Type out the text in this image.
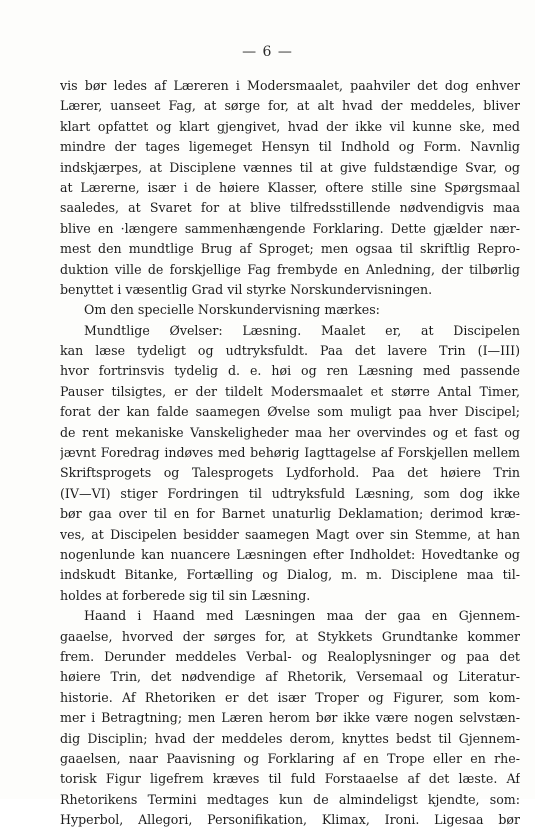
— 6 —
vis bør ledes af Læreren i Modersmaalet, paahviler det dog enhver
Lærer, uanseet Fag, at sørge for, at alt hvad der meddeles, bliver
klart opfattet og klart gjengivet, hvad der ikke vil kunne ske, med
mindre der tages ligemeget Hensyn til Indhold og Form. Navnlig
indskjærpes, at Disciplene vænnes til at give fuldstændige Svar, og
at Lærerne, især i de høiere Klasser, oftere stille sine Spørgsmaal
saaledes, at Svaret for at blive tilfredsstillende nødvendigvis maa
blive en ·længere sammenhængende Forklaring. Dette gjælder nær-
mest den mundtlige Brug af Sproget; men ogsaa til skriftlig Repro-
duktion ville de forskjellige Fag frembyde en Anledning, der tilbørlig
benyttet i væsentlig Grad vil styrke Norskundervisningen.
Om den specielle Norskundervisning mærkes:
Mundtlige Øvelser: Læsning. Maalet er, at Discipelen
kan læse tydeligt og udtryksfuldt. Paa det lavere Trin (I—III)
hvor fortrinsvis tydelig d. e. høi og ren Læsning med passende
Pauser tilsigtes, er der tildelt Modersmaalet et større Antal Timer,
forat der kan falde saamegen Øvelse som muligt paa hver Discipel;
de rent mekaniske Vanskeligheder maa her overvindes og et fast og
jævnt Foredrag indøves med behørig Iagttagelse af Forskjellen mellem
Skriftsprogets og Talesprogets Lydforhold. Paa det høiere Trin
(IV—VI) stiger Fordringen til udtryksfuld Læsning, som dog ikke
bør gaa over til en for Barnet unaturlig Deklamation; derimod kræ-
ves, at Discipelen besidder saamegen Magt over sin Stemme, at han
nogenlunde kan nuancere Læsningen efter Indholdet: Hovedtanke og
indskudt Bitanke, Fortælling og Dialog, m. m. Disciplene maa til-
holdes at forberede sig til sin Læsning.
Haand i Haand med Læsningen maa der gaa en Gjennem-
gaaelse, hvorved der sørges for, at Stykkets Grundtanke kommer
frem. Derunder meddeles Verbal- og Realoplysninger og paa det
høiere Trin, det nødvendige af Rhetorik, Versemaal og Literatur-
historie. Af Rhetoriken er det især Troper og Figurer, som kom-
mer i Betragtning; men Læren herom bør ikke være nogen selvstæn-
dig Disciplin; hvad der meddeles derom, knyttes bedst til Gjennem-
gaaelsen, naar Paavisning og Forklaring af en Trope eller en rhe-
torisk Figur ligefrem kræves til fuld Forstaaelse af det læste. Af
Rhetorikens Termini medtages kun de almindeligst kjendte, som:
Hyperbol, Allegori, Personifikation, Klimax, Ironi. Ligesaa bør
